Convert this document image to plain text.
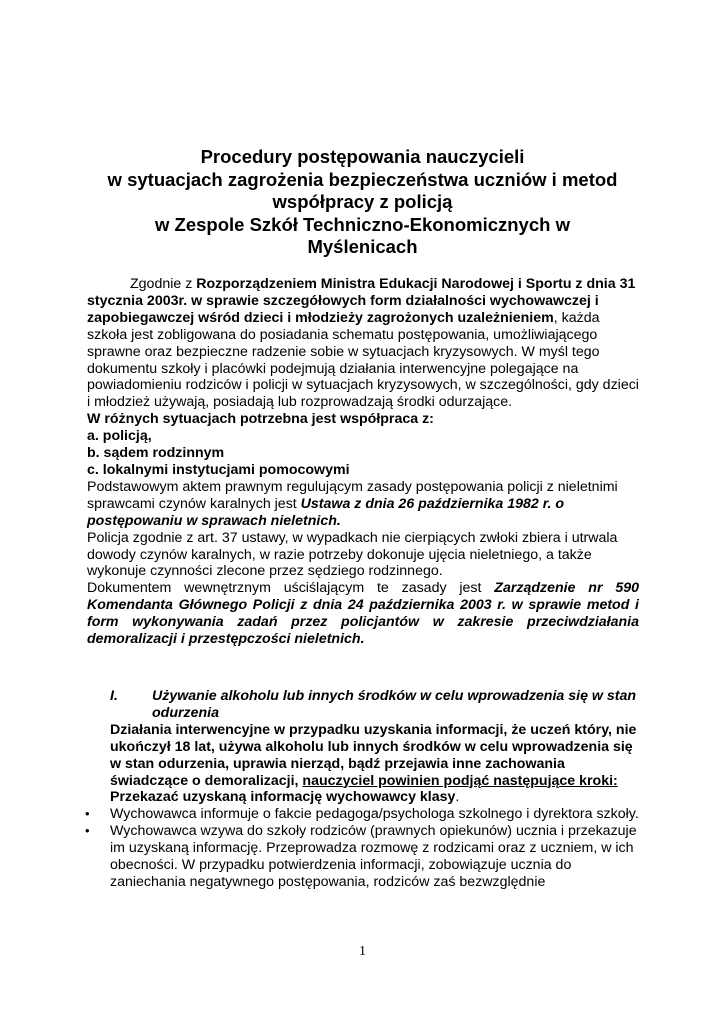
Procedury postępowania nauczycieli
w sytuacjach zagrożenia bezpieczeństwa uczniów i metod
współpracy z policją
w Zespole Szkół Techniczno-Ekonomicznych w
Myślenicach

Zgodnie z Rozporządzeniem Ministra Edukacji Narodowej i Sportu z dnia 31 stycznia 2003r. w sprawie szczegółowych form działalności wychowawczej i zapobiegawczej wśród dzieci i młodzieży zagrożonych uzależnieniem, każda szkoła jest zobligowana do posiadania schematu postępowania, umożliwiającego sprawne oraz bezpieczne radzenie sobie w sytuacjach kryzysowych. W myśl tego dokumentu szkoły i placówki podejmują działania interwencyjne polegające na powiadomieniu rodziców i policji w sytuacjach kryzysowych, w szczególności, gdy dzieci i młodzież używają, posiadają lub rozprowadzają środki odurzające.

W różnych sytuacjach potrzebna jest współpraca z:

a. policją,

b. sądem rodzinnym

c. lokalnymi instytucjami pomocowymi

Podstawowym aktem prawnym regulującym zasady postępowania policji z nieletnimi sprawcami czynów karalnych jest Ustawa z dnia 26 października 1982 r. o postępowaniu w sprawach nieletnich.

Policja zgodnie z art. 37 ustawy, w wypadkach nie cierpiących zwłoki zbiera i utrwala dowody czynów karalnych, w razie potrzeby dokonuje ujęcia nieletniego, a także wykonuje czynności zlecone przez sędziego rodzinnego.

Dokumentem wewnętrznym uściślającym te zasady jest Zarządzenie nr 590 Komendanta Głównego Policji z dnia 24 października 2003 r. w sprawie metod i form wykonywania zadań przez policjantów w zakresie przeciwdziałania demoralizacji i przestępczości nieletnich.

I. Używanie alkoholu lub innych środków w celu wprowadzenia się w stan odurzenia

Działania interwencyjne w przypadku uzyskania informacji, że uczeń który, nie ukończył 18 lat, używa alkoholu lub innych środków w celu wprowadzenia się w stan odurzenia, uprawia nierząd, bądź przejawia inne zachowania świadczące o demoralizacji, nauczyciel powinien podjąć następujące kroki:

Przekazać uzyskaną informację wychowawcy klasy.

• Wychowawca informuje o fakcie pedagoga/psychologa szkolnego i dyrektora szkoły.
• Wychowawca wzywa do szkoły rodziców (prawnych opiekunów) ucznia i przekazuje im uzyskaną informację. Przeprowadza rozmowę z rodzicami oraz z uczniem, w ich obecności. W przypadku potwierdzenia informacji, zobowiązuje ucznia do zaniechania negatywnego postępowania, rodziców zaś bezwzględnie
1
